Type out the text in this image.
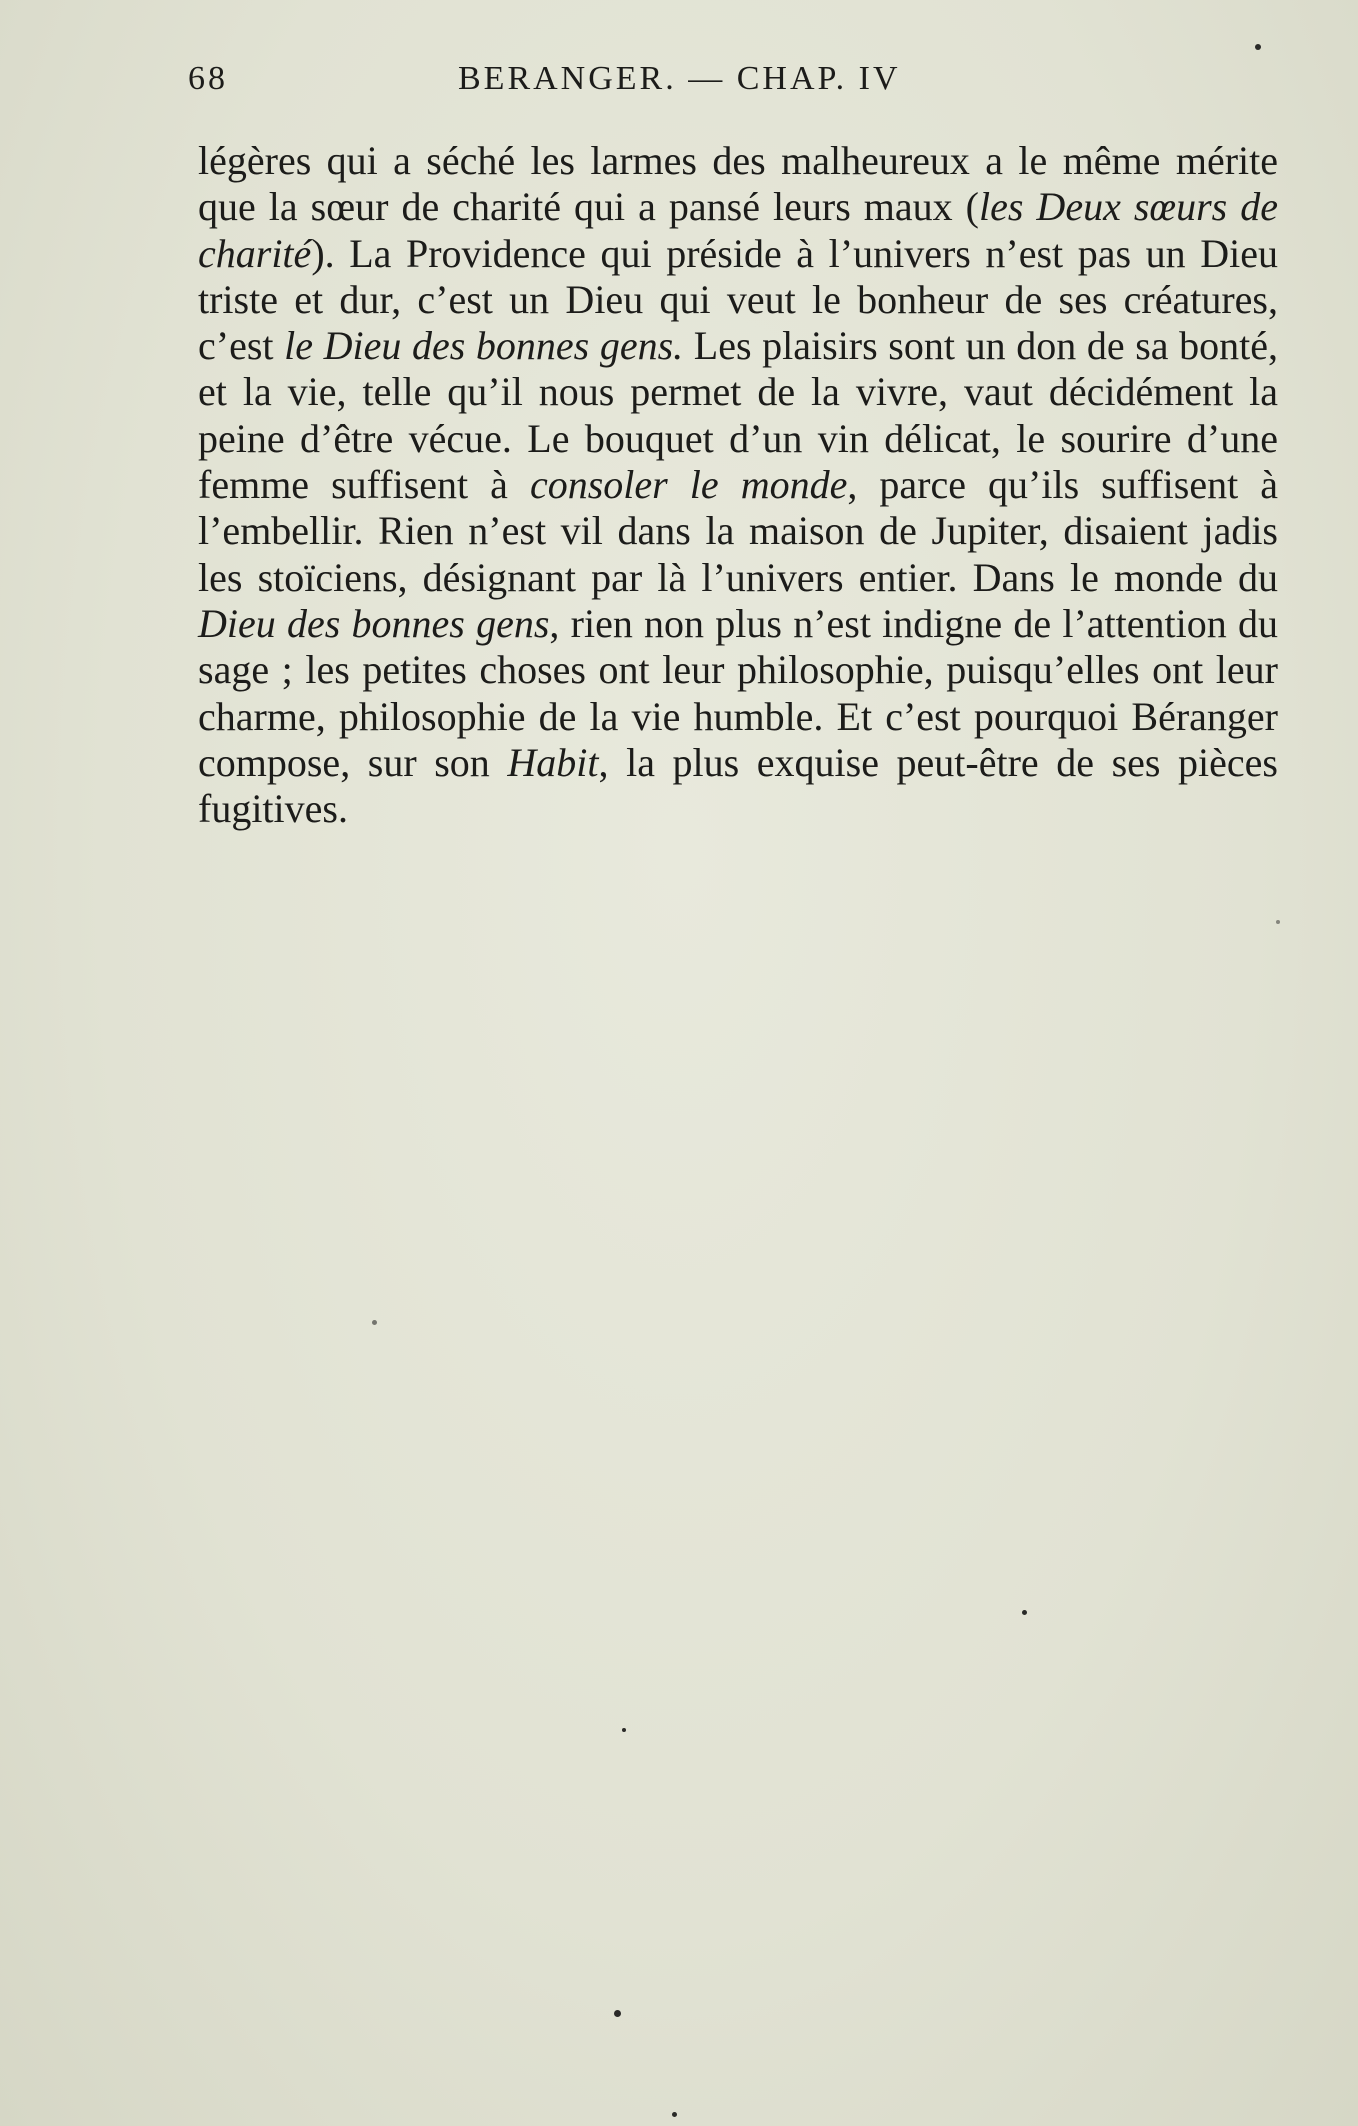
68	BERANGER. — CHAP. IV

légères qui a séché les larmes des malheureux a le même mérite que la sœur de charité qui a pansé leurs maux (les Deux sœurs de charité). La Providence qui préside à l’univers n’est pas un Dieu triste et dur, c’est un Dieu qui veut le bonheur de ses créatures, c’est le Dieu des bonnes gens. Les plaisirs sont un don de sa bonté, et la vie, telle qu’il nous permet de la vivre, vaut décidément la peine d’être vécue. Le bouquet d’un vin délicat, le sourire d’une femme suffisent à consoler le monde, parce qu’ils suffisent à l’embellir. Rien n’est vil dans la maison de Jupiter, disaient jadis les stoïciens, désignant par là l’univers entier. Dans le monde du Dieu des bonnes gens, rien non plus n’est indigne de l’attention du sage ; les petites choses ont leur philosophie, puisqu’elles ont leur charme, philosophie de la vie humble. Et c’est pourquoi Béranger compose, sur son Habit, la plus exquise peut-être de ses pièces fugitives.
